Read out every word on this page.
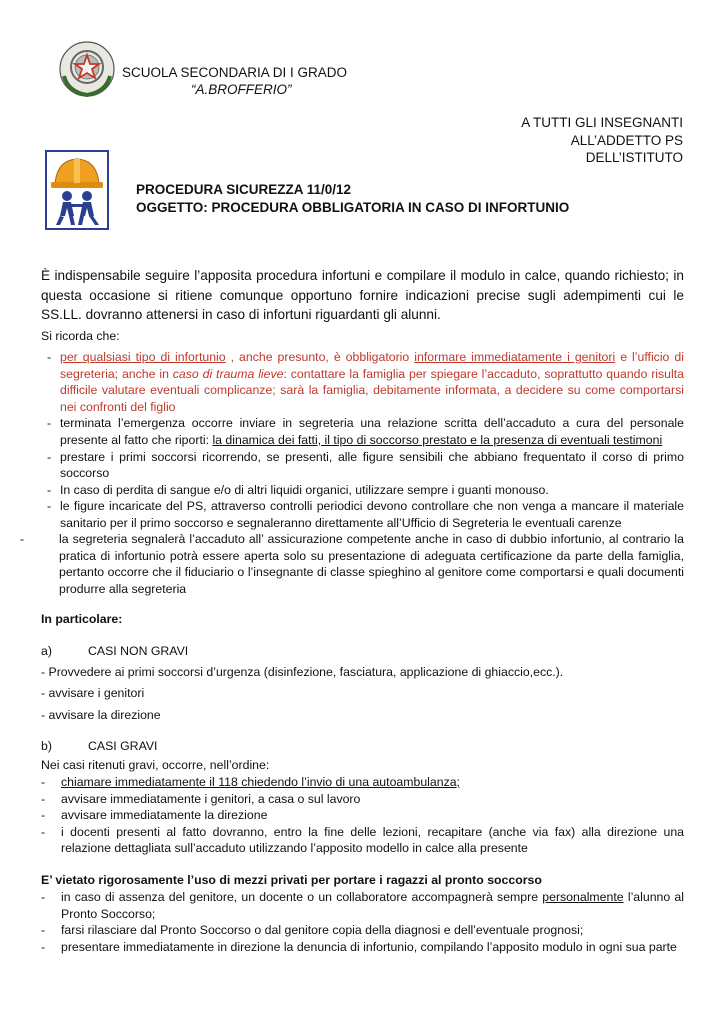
SCUOLA SECONDARIA DI I GRADO
“A.BROFFERIO”
A TUTTI GLI INSEGNANTI
ALL’ADDETTO PS
DELL’ISTITUTO
PROCEDURA SICUREZZA 11/0/12
OGGETTO: PROCEDURA OBBLIGATORIA IN CASO DI INFORTUNIO
È indispensabile seguire l’apposita procedura infortuni e compilare il modulo in calce, quando richiesto; in questa occasione si ritiene comunque opportuno fornire indicazioni precise sugli adempimenti cui le SS.LL. dovranno attenersi in caso di infortuni riguardanti gli alunni.
Si ricorda che:
- per qualsiasi tipo di infortunio , anche presunto, è obbligatorio informare immediatamente i genitori e l’ufficio di segreteria; anche in caso di trauma lieve: contattare la famiglia per spiegare l’accaduto, soprattutto quando risulta difficile valutare eventuali complicanze; sarà la famiglia, debitamente informata, a decidere su come comportarsi nei confronti del figlio
- terminata l’emergenza occorre inviare in segreteria una relazione scritta dell’accaduto a cura del personale presente al fatto che riporti: la dinamica dei fatti, il tipo di soccorso prestato e la presenza di eventuali testimoni
- prestare i primi soccorsi ricorrendo, se presenti, alle figure sensibili che abbiano frequentato il corso di primo soccorso
- In caso di perdita di sangue e/o di altri liquidi organici, utilizzare sempre i guanti monouso.
- le figure incaricate del PS, attraverso controlli periodici devono controllare che non venga a mancare il materiale sanitario per il primo soccorso e segnaleranno direttamente all’Ufficio di Segreteria le eventuali carenze
-	la segreteria segnalerà l’accaduto all’ assicurazione competente anche in caso di dubbio infortunio, al contrario la pratica di infortunio potrà essere aperta solo su presentazione di adeguata certificazione da parte della famiglia, pertanto occorre che il fiduciario o l’insegnante di classe spieghino al genitore come comportarsi e quali documenti produrre alla segreteria
In particolare:
a)	CASI NON GRAVI
- Provvedere ai primi soccorsi d’urgenza (disinfezione, fasciatura, applicazione di ghiaccio,ecc.).
- avvisare i genitori
- avvisare la direzione
b)	CASI GRAVI
Nei casi ritenuti gravi, occorre, nell’ordine:
- chiamare immediatamente il 118 chiedendo l’invio di una autoambulanza;
- avvisare immediatamente i genitori, a casa o sul lavoro
- avvisare immediatamente la direzione
- i docenti presenti al fatto dovranno, entro la fine delle lezioni, recapitare (anche via fax) alla direzione una relazione dettagliata sull’accaduto utilizzando l’apposito modello in calce alla presente
E’ vietato rigorosamente l’uso di mezzi privati per portare i ragazzi al pronto soccorso
- in caso di assenza del genitore, un docente o un collaboratore accompagnerà sempre personalmente l’alunno al Pronto Soccorso;
- farsi rilasciare dal Pronto Soccorso o dal genitore copia della diagnosi e dell’eventuale prognosi;
- presentare immediatamente in direzione la denuncia di infortunio, compilando l’apposito modulo in ogni sua parte
